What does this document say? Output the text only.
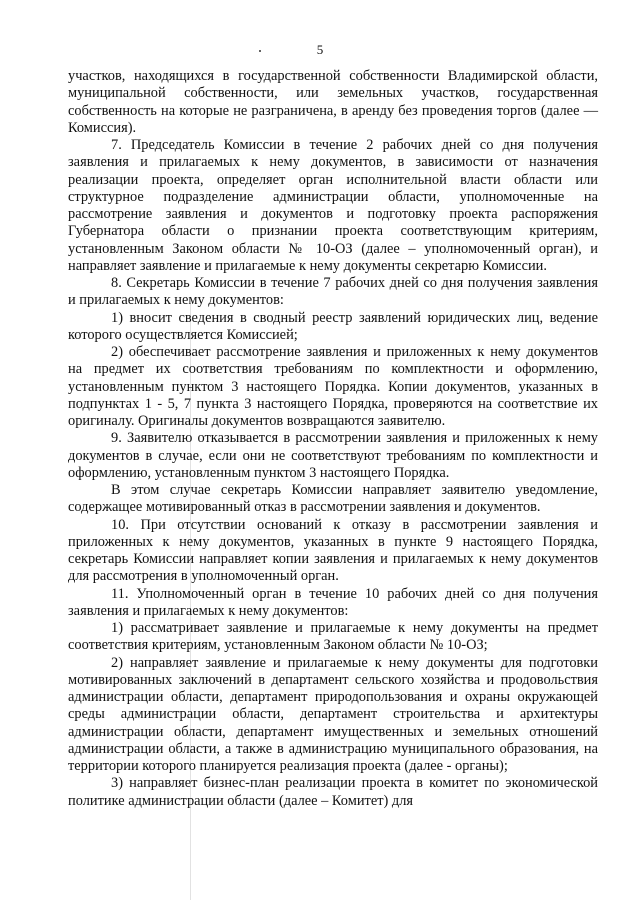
5

участков, находящихся в государственной собственности Владимирской области, муниципальной собственности, или земельных участков, государственная собственность на которые не разграничена, в аренду без проведения торгов (далее — Комиссия).

7. Председатель Комиссии в течение 2 рабочих дней со дня получения заявления и прилагаемых к нему документов, в зависимости от назначения реализации проекта, определяет орган исполнительной власти области или структурное подразделение администрации области, уполномоченные на рассмотрение заявления и документов и подготовку проекта распоряжения Губернатора области о признании проекта соответствующим критериям, установленным Законом области № 10-ОЗ (далее – уполномоченный орган), и направляет заявление и прилагаемые к нему документы секретарю Комиссии.

8. Секретарь Комиссии в течение 7 рабочих дней со дня получения заявления и прилагаемых к нему документов:

1) вносит сведения в сводный реестр заявлений юридических лиц, ведение которого осуществляется Комиссией;

2) обеспечивает рассмотрение заявления и приложенных к нему документов на предмет их соответствия требованиям по комплектности и оформлению, установленным пунктом 3 настоящего Порядка. Копии документов, указанных в подпунктах 1 - 5, 7 пункта 3 настоящего Порядка, проверяются на соответствие их оригиналу. Оригиналы документов возвращаются заявителю.

9. Заявителю отказывается в рассмотрении заявления и приложенных к нему документов в случае, если они не соответствуют требованиям по комплектности и оформлению, установленным пунктом 3 настоящего Порядка.

В этом случае секретарь Комиссии направляет заявителю уведомление, содержащее мотивированный отказ в рассмотрении заявления и документов.

10. При отсутствии оснований к отказу в рассмотрении заявления и приложенных к нему документов, указанных в пункте 9 настоящего Порядка, секретарь Комиссии направляет копии заявления и прилагаемых к нему документов для рассмотрения в уполномоченный орган.

11. Уполномоченный орган в течение 10 рабочих дней со дня получения заявления и прилагаемых к нему документов:

1) рассматривает заявление и прилагаемые к нему документы на предмет соответствия критериям, установленным Законом области № 10-ОЗ;

2) направляет заявление и прилагаемые к нему документы для подготовки мотивированных заключений в департамент сельского хозяйства и продовольствия администрации области, департамент природопользования и охраны окружающей среды администрации области, департамент строительства и архитектуры администрации области, департамент имущественных и земельных отношений администрации области, а также в администрацию муниципального образования, на территории которого планируется реализация проекта (далее - органы);

3) направляет бизнес-план реализации проекта в комитет по экономической политике администрации области (далее – Комитет) для
